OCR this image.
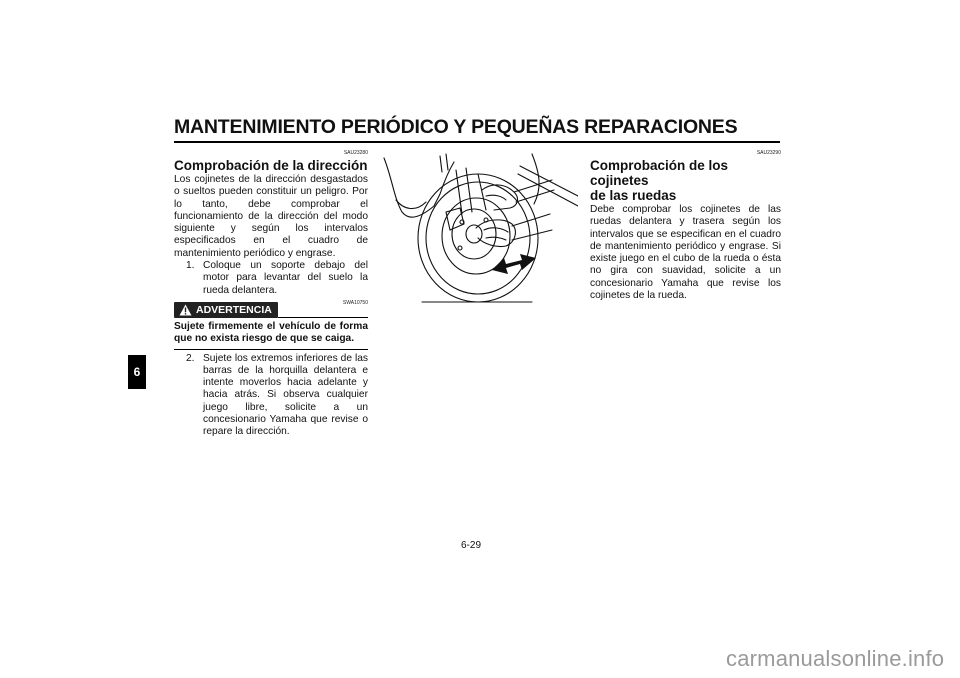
MANTENIMIENTO PERIÓDICO Y PEQUEÑAS REPARACIONES
6
SAU23280
Comprobación de la dirección
Los cojinetes de la dirección desgastados o sueltos pueden constituir un peligro. Por lo tanto, debe comprobar el funcionamiento de la dirección del modo siguiente y según los intervalos especificados en el cuadro de mantenimiento periódico y engrase.
1. Coloque un soporte debajo del motor para levantar del suelo la rueda delantera.
SWA10750
ADVERTENCIA
Sujete firmemente el vehículo de forma que no exista riesgo de que se caiga.
2. Sujete los extremos inferiores de las barras de la horquilla delantera e intente moverlos hacia adelante y hacia atrás. Si observa cualquier juego libre, solicite a un concesionario Yamaha que revise o repare la dirección.
SAU23290
Comprobación de los cojinetes
de las ruedas
Debe comprobar los cojinetes de las ruedas delantera y trasera según los intervalos que se especifican en el cuadro de mantenimiento periódico y engrase. Si existe juego en el cubo de la rueda o ésta no gira con suavidad, solicite a un concesionario Yamaha que revise los cojinetes de la rueda.
6-29
carmanualsonline.info
